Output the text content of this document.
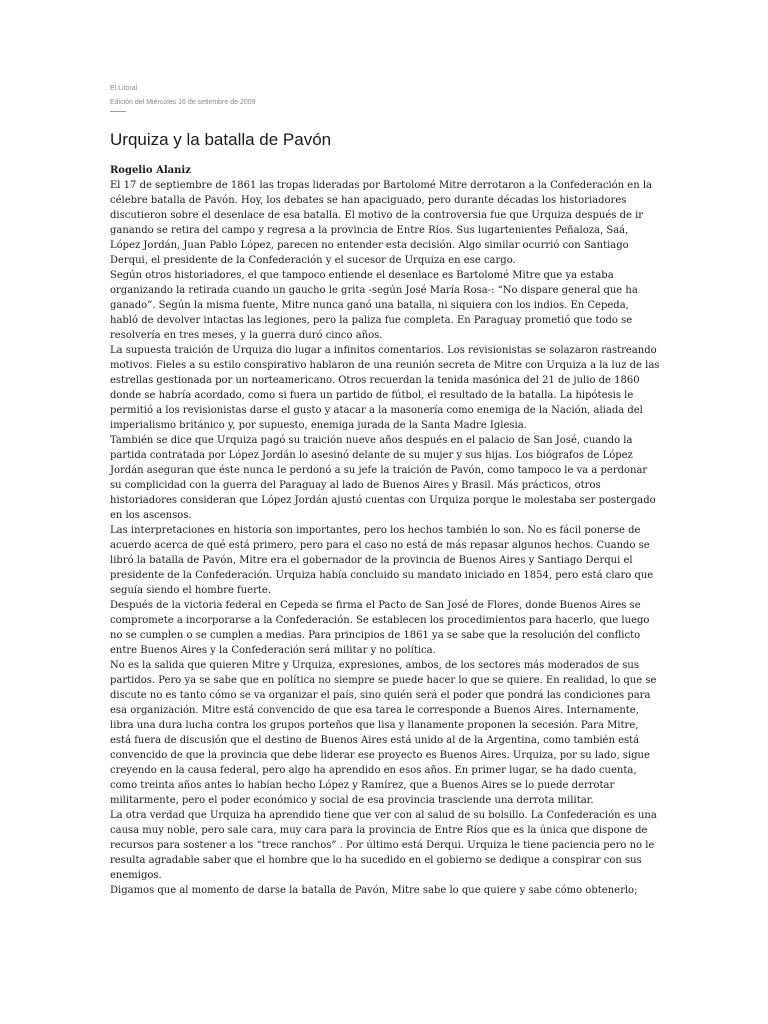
El Litoral
Edición del Miércoles 16 de setiembre de 2009
Urquiza y la batalla de Pavón
Rogelio Alaniz

El 17 de septiembre de 1861 las tropas lideradas por Bartolomé Mitre derrotaron a la Confederación en la célebre batalla de Pavón. Hoy, los debates se han apaciguado, pero durante décadas los historiadores discutieron sobre el desenlace de esa batalla. El motivo de la controversia fue que Urquiza después de ir ganando se retira del campo y regresa a la provincia de Entre Ríos. Sus lugartenientes Peñaloza, Saá, López Jordán, Juan Pablo López, parecen no entender esta decisión. Algo similar ocurrió con Santiago Derqui, el presidente de la Confederación y el sucesor de Urquiza en ese cargo.

Según otros historiadores, el que tampoco entiende el desenlace es Bartolomé Mitre que ya estaba organizando la retirada cuando un gaucho le grita -según José María Rosa-: “No dispare general que ha ganado”. Según la misma fuente, Mitre nunca ganó una batalla, ni siquiera con los indios. En Cepeda, habló de devolver intactas las legiones, pero la paliza fue completa. En Paraguay prometió que todo se resolvería en tres meses, y la guerra duró cinco años.

La supuesta traición de Urquiza dio lugar a infinitos comentarios. Los revisionistas se solazaron rastreando motivos. Fieles a su estilo conspirativo hablaron de una reunión secreta de Mitre con Urquiza a la luz de las estrellas gestionada por un norteamericano. Otros recuerdan la tenida masónica del 21 de julio de 1860 donde se habría acordado, como si fuera un partido de fútbol, el resultado de la batalla. La hipótesis le permitió a los revisionistas darse el gusto y atacar a la masonería como enemiga de la Nación, aliada del imperialismo británico y, por supuesto, enemiga jurada de la Santa Madre Iglesia.

También se dice que Urquiza pagó su traición nueve años después en el palacio de San José, cuando la partida contratada por López Jordán lo asesinó delante de su mujer y sus hijas. Los biógrafos de López Jordán aseguran que éste nunca le perdonó a su jefe la traición de Pavón, como tampoco le va a perdonar su complicidad con la guerra del Paraguay al lado de Buenos Aires y Brasil. Más prácticos, otros historiadores consideran que López Jordán ajustó cuentas con Urquiza porque le molestaba ser postergado en los ascensos.

Las interpretaciones en historia son importantes, pero los hechos también lo son. No es fácil ponerse de acuerdo acerca de qué está primero, pero para el caso no está de más repasar algunos hechos. Cuando se libró la batalla de Pavón, Mitre era el gobernador de la provincia de Buenos Aires y Santiago Derqui el presidente de la Confederación. Urquiza había concluido su mandato iniciado en 1854, pero está claro que seguía siendo el hombre fuerte.

Después de la victoria federal en Cepeda se firma el Pacto de San José de Flores, donde Buenos Aires se compromete a incorporarse a la Confederación. Se establecen los procedimientos para hacerlo, que luego no se cumplen o se cumplen a medias. Para principios de 1861 ya se sabe que la resolución del conflicto entre Buenos Aires y la Confederación será militar y no política.

No es la salida que quieren Mitre y Urquiza, expresiones, ambos, de los sectores más moderados de sus partidos. Pero ya se sabe que en política no siempre se puede hacer lo que se quiere. En realidad, lo que se discute no es tanto cómo se va organizar el país, sino quién será el poder que pondrá las condiciones para esa organización. Mitre está convencido de que esa tarea le corresponde a Buenos Aires. Internamente, libra una dura lucha contra los grupos porteños que lisa y llanamente proponen la secesión. Para Mitre, está fuera de discusión que el destino de Buenos Aires está unido al de la Argentina, como también está convencido de que la provincia que debe liderar ese proyecto es Buenos Aires. Urquiza, por su lado, sigue creyendo en la causa federal, pero algo ha aprendido en esos años. En primer lugar, se ha dado cuenta, como treinta años antes lo habían hecho López y Ramírez, que a Buenos Aires se lo puede derrotar militarmente, pero el poder económico y social de esa provincia trasciende una derrota militar.

La otra verdad que Urquiza ha aprendido tiene que ver con al salud de su bolsillo. La Confederación es una causa muy noble, pero sale cara, muy cara para la provincia de Entre Ríos que es la única que dispone de recursos para sostener a los “trece ranchos” . Por último está Derqui. Urquiza le tiene paciencia pero no le resulta agradable saber que el hombre que lo ha sucedido en el gobierno se dedique a conspirar con sus enemigos.

Digamos que al momento de darse la batalla de Pavón, Mitre sabe lo que quiere y sabe cómo obtenerlo;
